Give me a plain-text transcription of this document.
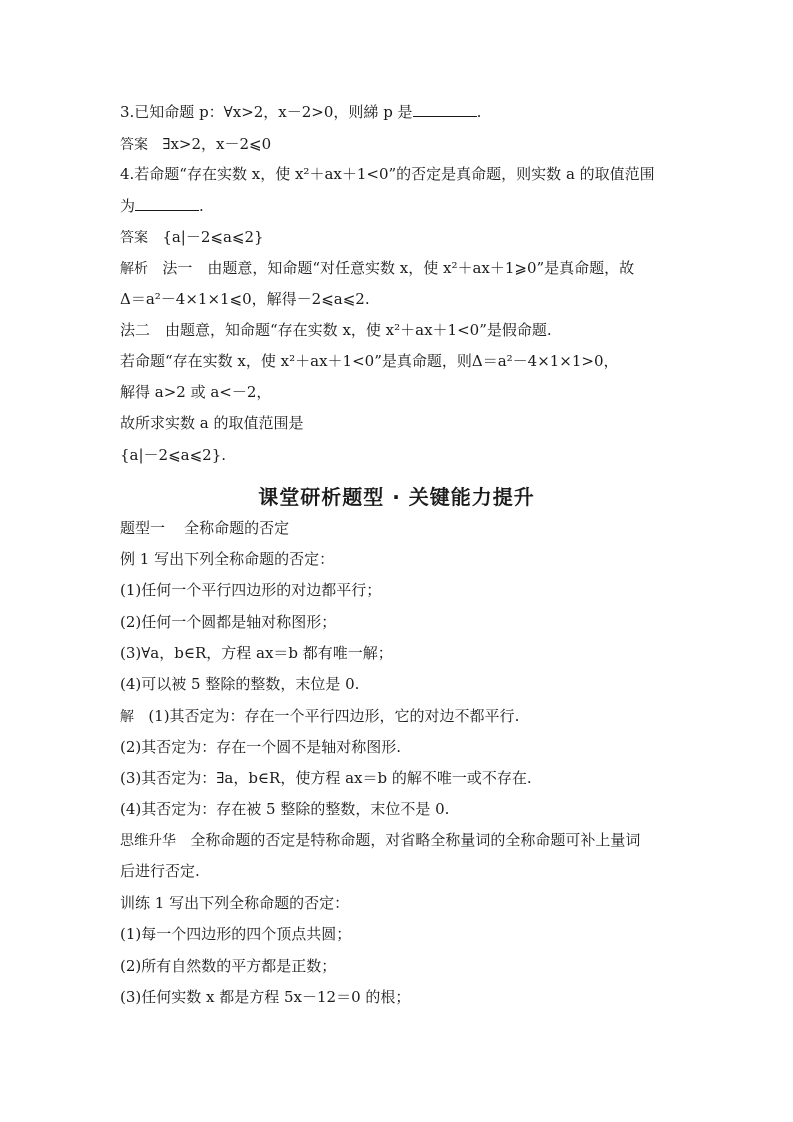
3.已知命题 p：∀x>2，x－2>0，则綈 p 是	.
答案 ∃x>2，x－2⩽0
4.若命题“存在实数 x，使 x²＋ax＋1<0”的否定是真命题，则实数 a 的取值范围
为	.
答案 {a|－2⩽a⩽2}
解析 法一　由题意，知命题“对任意实数 x，使 x²＋ax＋1⩾0”是真命题，故
Δ＝a²－4×1×1⩽0，解得－2⩽a⩽2.
法二　由题意，知命题“存在实数 x，使 x²＋ax＋1<0”是假命题.
若命题“存在实数 x，使 x²＋ax＋1<0”是真命题，则Δ＝a²－4×1×1>0，
解得 a>2 或 a<－2，
故所求实数 a 的取值范围是
{a|－2⩽a⩽2}.
课堂研析题型 · 关键能力提升
题型一 全称命题的否定
例 1 写出下列全称命题的否定：
(1)任何一个平行四边形的对边都平行；
(2)任何一个圆都是轴对称图形；
(3)∀a，b∈R，方程 ax＝b 都有唯一解；
(4)可以被 5 整除的整数，末位是 0.
解 (1)其否定为：存在一个平行四边形，它的对边不都平行.
(2)其否定为：存在一个圆不是轴对称图形.
(3)其否定为：∃a，b∈R，使方程 ax＝b 的解不唯一或不存在.
(4)其否定为：存在被 5 整除的整数，末位不是 0.
思维升华 全称命题的否定是特称命题，对省略全称量词的全称命题可补上量词
后进行否定.
训练 1 写出下列全称命题的否定：
(1)每一个四边形的四个顶点共圆；
(2)所有自然数的平方都是正数；
(3)任何实数 x 都是方程 5x－12＝0 的根；
